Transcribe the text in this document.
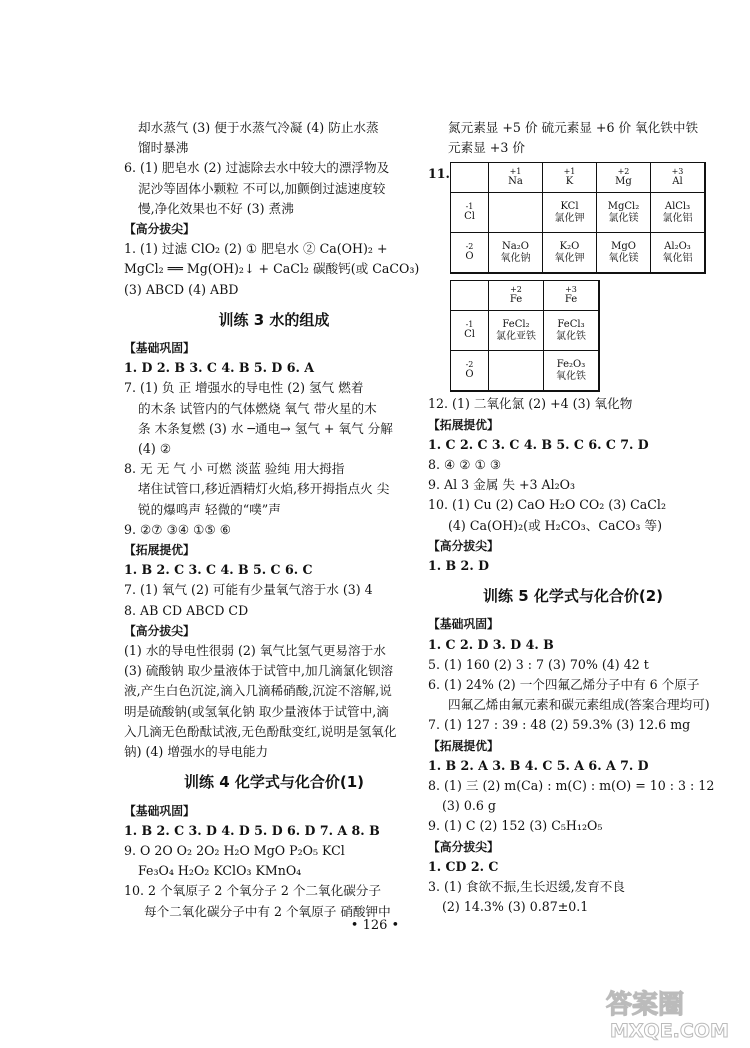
却水蒸气 (3) 便于水蒸气冷凝 (4) 防止水蒸
馏时暴沸
6. (1) 肥皂水 (2) 过滤除去水中较大的漂浮物及
泥沙等固体小颗粒 不可以,加颤倒过滤速度较
慢,净化效果也不好 (3) 煮沸
【高分拔尖】
1. (1) 过滤 ClO₂ (2) ① 肥皂水 ② Ca(OH)₂ +
MgCl₂ ══ Mg(OH)₂↓ + CaCl₂ 碳酸钙(或 CaCO₃)
(3) ABCD (4) ABD
训练 3 水的组成
【基础巩固】
1. D 2. B 3. C 4. B 5. D 6. A
7. (1) 负 正 增强水的导电性 (2) 氢气 燃着
的木条 试管内的气体燃烧 氧气 带火星的木
条 木条复燃 (3) 水 ─通电→ 氢气 + 氧气 分解
(4) ②
8. 无 无 气 小 可燃 淡蓝 验纯 用大拇指
堵住试管口,移近酒精灯火焰,移开拇指点火 尖
锐的爆鸣声 轻微的“噗”声
9. ②⑦ ③④ ①⑤ ⑥
【拓展提优】
1. B 2. C 3. C 4. B 5. C 6. C
7. (1) 氧气 (2) 可能有少量氧气溶于水 (3) 4
8. AB CD ABCD CD
【高分拔尖】
(1) 水的导电性很弱 (2) 氧气比氢气更易溶于水
(3) 硫酸钠 取少量液体于试管中,加几滴氯化钡溶
液,产生白色沉淀,滴入几滴稀硝酸,沉淀不溶解,说
明是硫酸钠(或氢氧化钠 取少量液体于试管中,滴
入几滴无色酚酞试液,无色酚酞变红,说明是氢氧化
钠) (4) 增强水的导电能力
训练 4 化学式与化合价(1)
【基础巩固】
1. B 2. C 3. D 4. D 5. D 6. D 7. A 8. B
9. O 2O O₂ 2O₂ H₂O MgO P₂O₅ KCl
Fe₃O₄ H₂O₂ KClO₃ KMnO₄
10. 2 个氧原子 2 个氧分子 2 个二氧化碳分子
每个二氧化碳分子中有 2 个氧原子 硝酸钾中
氮元素显 +5 价 硫元素显 +6 价 氧化铁中铁
元素显 +3 价
11.	+1
Na
+1
K
+2
Mg
+3
Al
-1
Cl
KCl
氯化钾
MgCl₂
氯化镁
AlCl₃
氯化铝
-2
O
Na₂O
氧化钠
K₂O
氧化钾
MgO
氧化镁
Al₂O₃
氧化铝
+2
Fe
+3
Fe
-1
Cl
FeCl₂
氯化亚铁
FeCl₃
氯化铁
-2
O
Fe₂O₃
氧化铁
12. (1) 二氧化氯 (2) +4 (3) 氧化物
【拓展提优】
1. C 2. C 3. C 4. B 5. C 6. C 7. D
8. ④ ② ① ③
9. Al 3 金属 失 +3 Al₂O₃
10. (1) Cu (2) CaO H₂O CO₂ (3) CaCl₂
(4) Ca(OH)₂(或 H₂CO₃、CaCO₃ 等)
【高分拔尖】
1. B 2. D
训练 5 化学式与化合价(2)
【基础巩固】
1. C 2. D 3. D 4. B
5. (1) 160 (2) 3 : 7 (3) 70% (4) 42 t
6. (1) 24% (2) 一个四氟乙烯分子中有 6 个原子
四氟乙烯由氟元素和碳元素组成(答案合理均可)
7. (1) 127 : 39 : 48 (2) 59.3% (3) 12.6 mg
【拓展提优】
1. B 2. A 3. B 4. C 5. A 6. A 7. D
8. (1) 三 (2) m(Ca) : m(C) : m(O) = 10 : 3 : 12
(3) 0.6 g
9. (1) C (2) 152 (3) C₅H₁₂O₅
【高分拔尖】
1. CD 2. C
3. (1) 食欲不振,生长迟缓,发育不良
(2) 14.3% (3) 0.87±0.1
• 126 •
答案圈
MXQE.COM
